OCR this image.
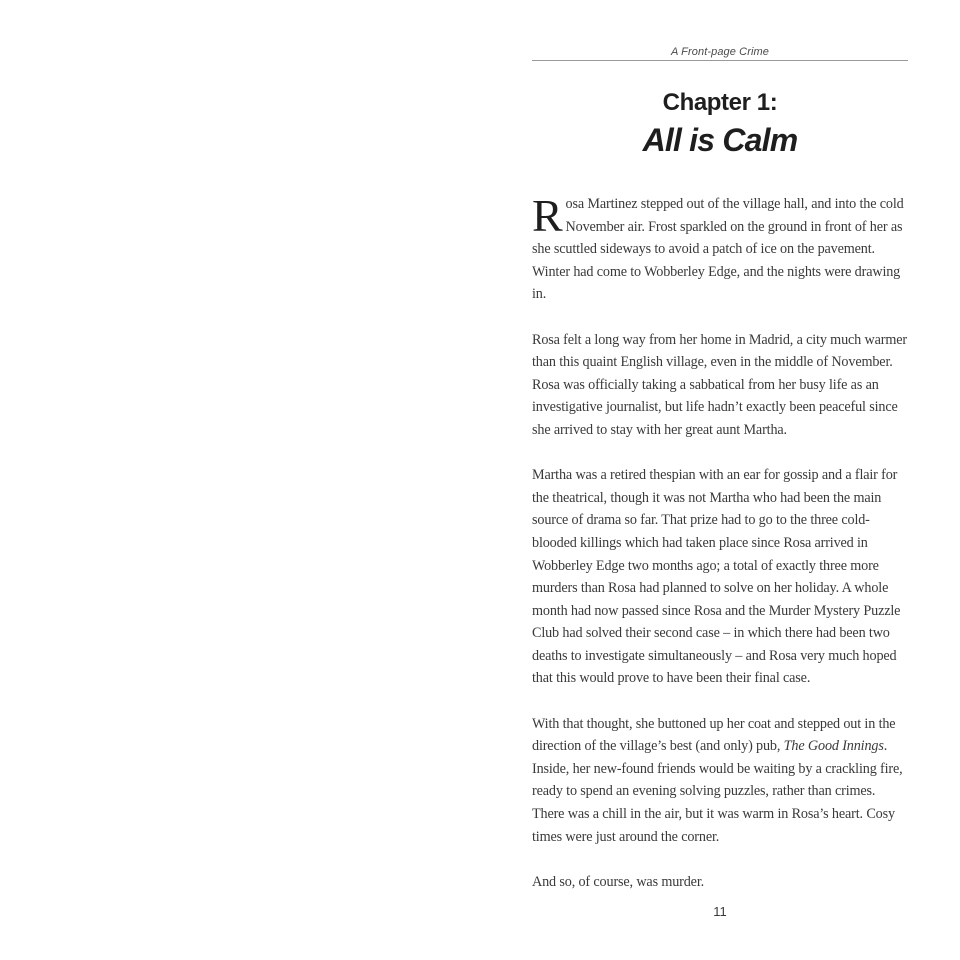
A Front-page Crime
Chapter 1:
All is Calm

Rosa Martinez stepped out of the village hall, and into the cold November air. Frost sparkled on the ground in front of her as she scuttled sideways to avoid a patch of ice on the pavement. Winter had come to Wobberley Edge, and the nights were drawing in.

Rosa felt a long way from her home in Madrid, a city much warmer than this quaint English village, even in the middle of November. Rosa was officially taking a sabbatical from her busy life as an investigative journalist, but life hadn’t exactly been peaceful since she arrived to stay with her great aunt Martha.

Martha was a retired thespian with an ear for gossip and a flair for the theatrical, though it was not Martha who had been the main source of drama so far. That prize had to go to the three cold-blooded killings which had taken place since Rosa arrived in Wobberley Edge two months ago; a total of exactly three more murders than Rosa had planned to solve on her holiday. A whole month had now passed since Rosa and the Murder Mystery Puzzle Club had solved their second case – in which there had been two deaths to investigate simultaneously – and Rosa very much hoped that this would prove to have been their final case.

With that thought, she buttoned up her coat and stepped out in the direction of the village’s best (and only) pub, The Good Innings. Inside, her new-found friends would be waiting by a crackling fire, ready to spend an evening solving puzzles, rather than crimes. There was a chill in the air, but it was warm in Rosa’s heart. Cosy times were just around the corner.

And so, of course, was murder.

11
